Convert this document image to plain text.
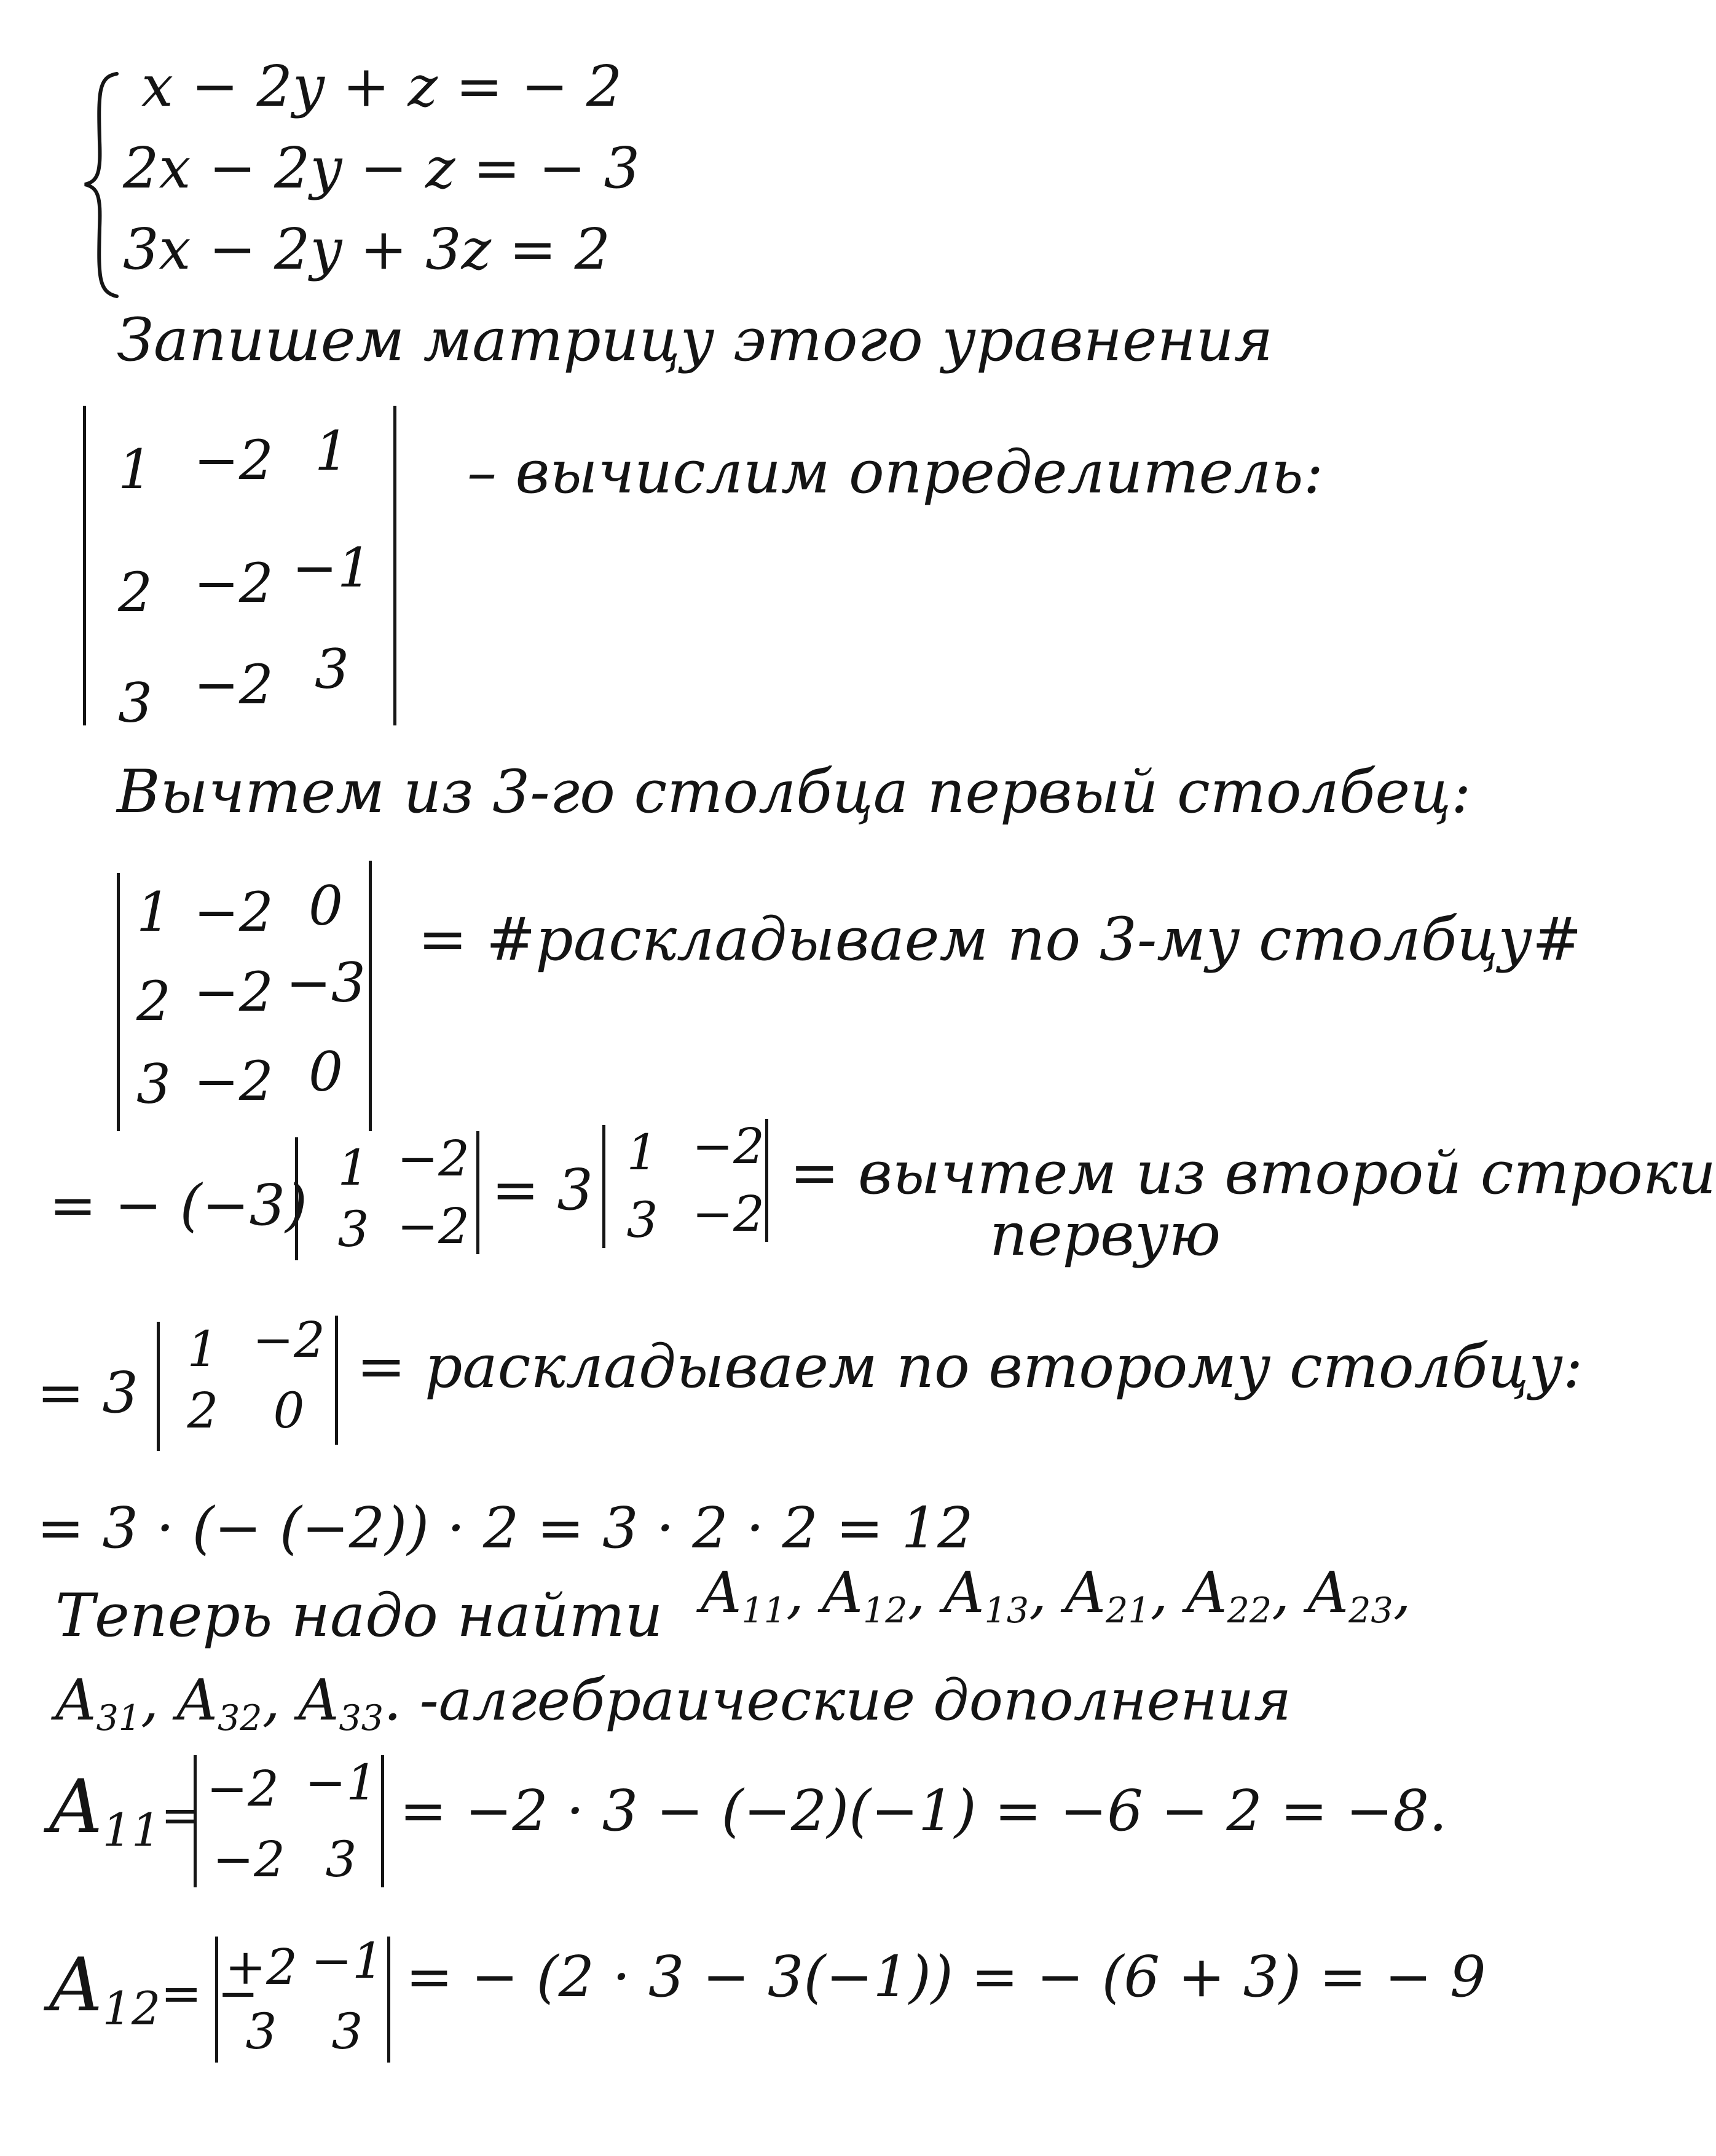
x − 2y + z = − 2
2x − 2y − z = − 3
3x − 2y + 3z = 2
Запишем матрицу этого уравнения
1 −2 1
2 −2 −1
3 −2 3
– вычислим определитель:
Вычтем из 3-го столбца первый столбец:
1 −2 0
2 −2 −3
3 −2 0
= #раскладываем по 3-му столбцу#
= − (−3)
1 −2
3 −2
= 3
1 −2
3 −2
= вычтем из второй строки
первую
= 3
1 −2
2	0
= раскладываем по второму столбцу:
= 3 · (− (−2)) · 2 = 3 · 2 · 2 = 12
Теперь надо найти $A_{11}$, $A_{12}$, $A_{13}$, $A_{21}$, $A_{22}$, $A_{23}$,
$A_{31}$, $A_{32}$, $A_{33}$. -алгебраические дополнения
$A_{11}= -2 -1$
−2 3
= −2 · 3 − (−2)(−1) = −6 − 2 = −8.
$A_{12}=$ −
+2 −1
3	3
= − (2 · 3 − 3(−1)) = − (6 + 3) = − 9
